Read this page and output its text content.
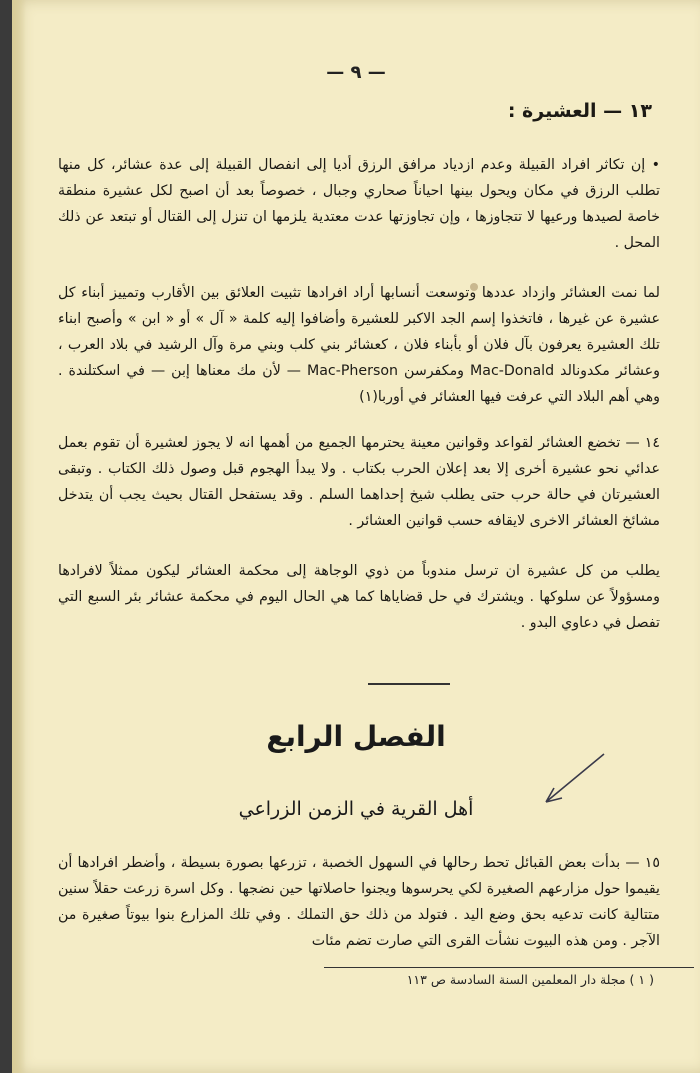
— ٩ —
١٣ — العشيرة :
• إن تكاثر افراد القبيلة وعدم ازدياد مرافق الرزق أديا إلى انفصال القبيلة إلى عدة عشائر، كل منها تطلب الرزق في مكان ويحول بينها احياناً صحاري وجبال ، خصوصاً بعد أن اصبح لكل عشيرة منطقة خاصة لصيدها ورعيها لا تتجاوزها ، وإن تجاوزتها عدت معتدية يلزمها ان تنزل إلى القتال أو تبتعد عن ذلك المحل .
لما نمت العشائر وازداد عددها وتوسعت أنسابها أراد افرادها تثبيت العلائق بين الأقارب وتمييز أبناء كل عشيرة عن غيرها ، فاتخذوا إسم الجد الاكبر للعشيرة وأضافوا إليه كلمة « آل » أو « ابن » وأصبح ابناء تلك العشيرة يعرفون بآل فلان أو بأبناء فلان ، كعشائر بني كلب وبني مرة وآل الرشيد في بلاد العرب ، وعشائر مكدونالد Mac-Donald ومكفرسن Mac-Pherson — لأن مك معناها إبن — في اسكتلندة . وهي أهم البلاد التي عرفت فيها العشائر في أوربا(١)
١٤ — تخضع العشائر لقواعد وقوانين معينة يحترمها الجميع من أهمها انه لا يجوز لعشيرة أن تقوم بعمل عدائي نحو عشيرة أخرى إلا بعد إعلان الحرب بكتاب . ولا يبدأ الهجوم قبل وصول ذلك الكتاب . وتبقى العشيرتان في حالة حرب حتى يطلب شيخ إحداهما السلم . وقد يستفحل القتال بحيث يجب أن يتدخل مشائخ العشائر الاخرى لايقافه حسب قوانين العشائر .
يطلب من كل عشيرة ان ترسل مندوباً من ذوي الوجاهة إلى محكمة العشائر ليكون ممثلاً لافرادها ومسؤولاً عن سلوكها . ويشترك في حل قضاياها كما هي الحال اليوم في محكمة عشائر بئر السبع التي تفصل في دعاوي البدو .
الفصل الرابع
أهل القرية في الزمن الزراعي
١٥ — بدأت بعض القبائل تحط رحالها في السهول الخصبة ، تزرعها بصورة بسيطة ، وأضطر افرادها أن يقيموا حول مزارعهم الصغيرة لكي يحرسوها ويجنوا حاصلاتها حين نضجها . وكل اسرة زرعت حقلاً سنين متتالية كانت تدعيه بحق وضع اليد . فتولد من ذلك حق التملك . وفي تلك المزارع بنوا بيوتاً صغيرة من الآجر . ومن هذه البيوت نشأت القرى التي صارت تضم مئات
( ١ ) مجلة دار المعلمين السنة السادسة ص ١١٣
